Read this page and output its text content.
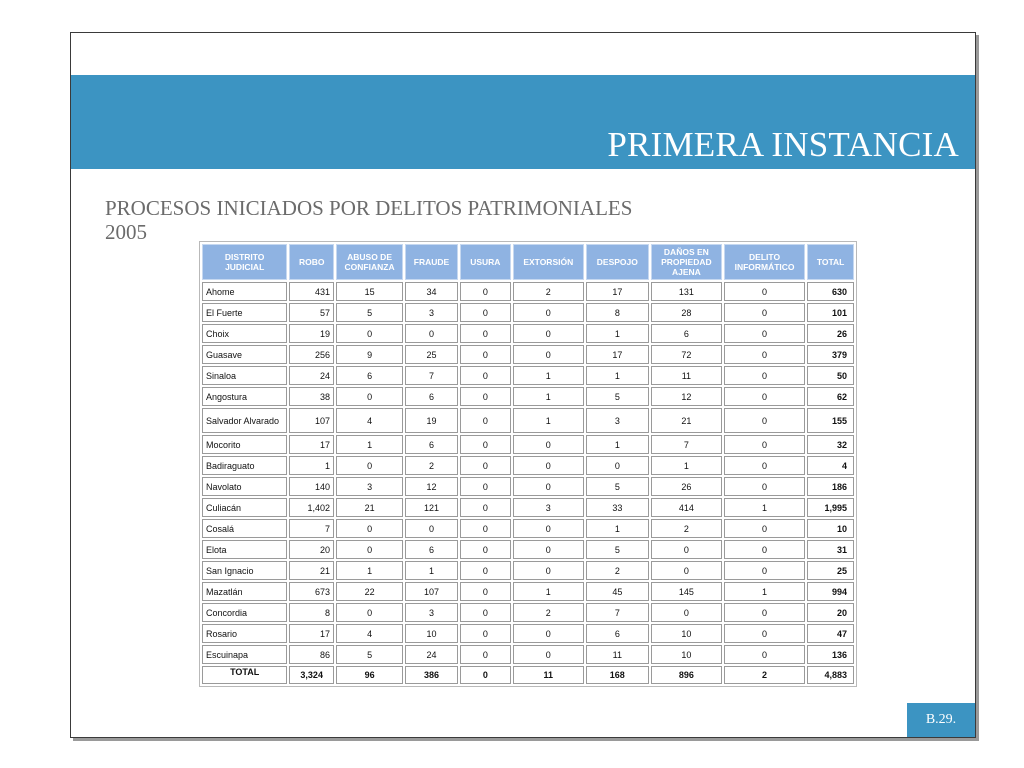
PRIMERA INSTANCIA
PROCESOS INICIADOS POR DELITOS PATRIMONIALES
2005
DISTRITO JUDICIAL	ROBO	ABUSO DE CONFIANZA	FRAUDE	USURA	EXTORSIÓN	DESPOJO	DAÑOS EN PROPIEDAD AJENA	DELITO INFORMÁTICO	TOTAL
Ahome	431	15	34	0	2	17	131	0	630
El Fuerte	57	5	3	0	0	8	28	0	101
Choix	19	0	0	0	0	1	6	0	26
Guasave	256	9	25	0	0	17	72	0	379
Sinaloa	24	6	7	0	1	1	11	0	50
Angostura	38	0	6	0	1	5	12	0	62
Salvador Alvarado	107	4	19	0	1	3	21	0	155
Mocorito	17	1	6	0	0	1	7	0	32
Badiraguato	1	0	2	0	0	0	1	0	4
Navolato	140	3	12	0	0	5	26	0	186
Culiacán	1,402	21	121	0	3	33	414	1	1,995
Cosalá	7	0	0	0	0	1	2	0	10
Elota	20	0	6	0	0	5	0	0	31
San Ignacio	21	1	1	0	0	2	0	0	25
Mazatlán	673	22	107	0	1	45	145	1	994
Concordia	8	0	3	0	2	7	0	0	20
Rosario	17	4	10	0	0	6	10	0	47
Escuinapa	86	5	24	0	0	11	10	0	136
TOTAL	3,324	96	386	0	11	168	896	2	4,883
B.29.
